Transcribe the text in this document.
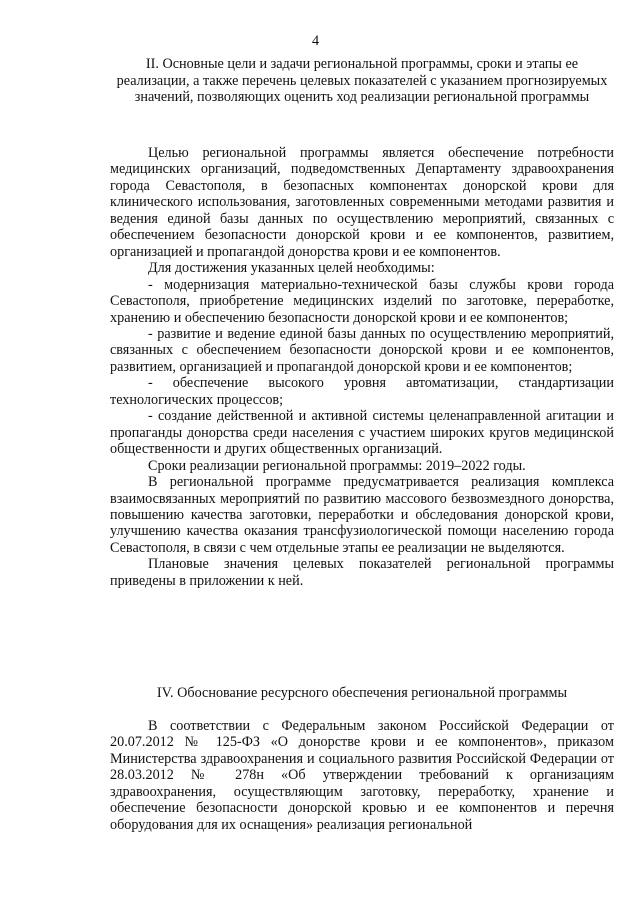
4
II. Основные цели и задачи региональной программы, сроки и этапы ее реализации, а также перечень целевых показателей с указанием прогнозируемых значений, позволяющих оценить ход реализации региональной программы

Целью региональной программы является обеспечение потребности медицинских организаций, подведомственных Департаменту здравоохранения города Севастополя, в безопасных компонентах донорской крови для клинического использования, заготовленных современными методами развития и ведения единой базы данных по осуществлению мероприятий, связанных с обеспечением безопасности донорской крови и ее компонентов, развитием, организацией и пропагандой донорства крови и ее компонентов.

Для достижения указанных целей необходимы:

- модернизация материально-технической базы службы крови города Севастополя, приобретение медицинских изделий по заготовке, переработке, хранению и обеспечению безопасности донорской крови и ее компонентов;

- развитие и ведение единой базы данных по осуществлению мероприятий, связанных с обеспечением безопасности донорской крови и ее компонентов, развитием, организацией и пропагандой донорской крови и ее компонентов;

- обеспечение высокого уровня автоматизации, стандартизации технологических процессов;

- создание действенной и активной системы целенаправленной агитации и пропаганды донорства среди населения с участием широких кругов медицинской общественности и других общественных организаций.

Сроки реализации региональной программы: 2019–2022 годы.

В региональной программе предусматривается реализация комплекса взаимосвязанных мероприятий по развитию массового безвозмездного донорства, повышению качества заготовки, переработки и обследования донорской крови, улучшению качества оказания трансфузиологической помощи населению города Севастополя, в связи с чем отдельные этапы ее реализации не выделяются.

Плановые значения целевых показателей региональной программы приведены в приложении к ней.

IV. Обоснование ресурсного обеспечения региональной программы

В соответствии с Федеральным законом Российской Федерации от 20.07.2012 № 125-ФЗ «О донорстве крови и ее компонентов», приказом Министерства здравоохранения и социального развития Российской Федерации от 28.03.2012 № 278н «Об утверждении требований к организациям здравоохранения, осуществляющим заготовку, переработку, хранение и обеспечение безопасности донорской кровью и ее компонентов и перечня оборудования для их оснащения» реализация региональной
